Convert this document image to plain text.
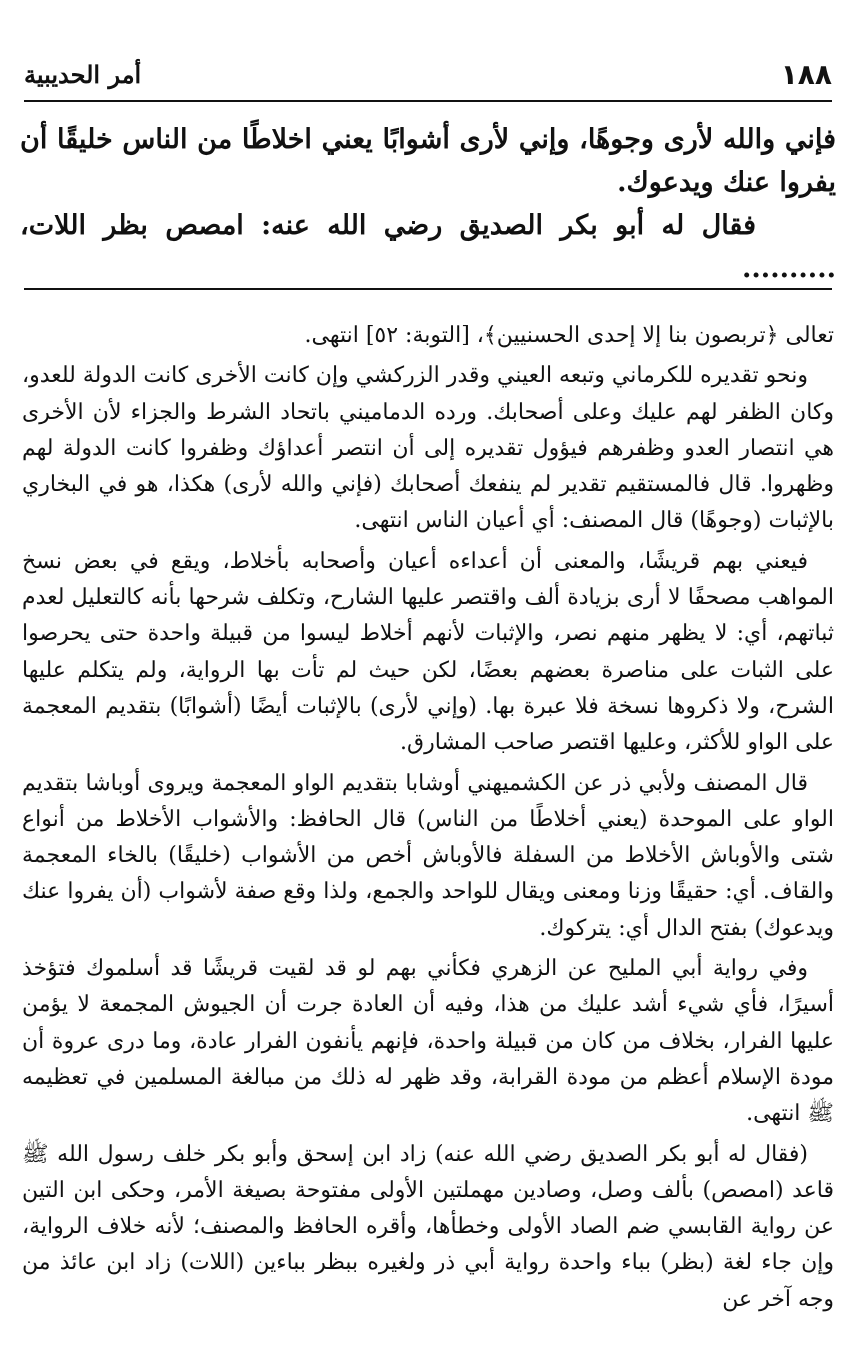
١٨٨
أمر الحديبية

فإني والله لأرى وجوهًا، وإني لأرى أشوابًا يعني اخلاطًا من الناس خليقًا أن يفروا عنك ويدعوك.

فقال له أبو بكر الصديق رضي الله عنه: امصص بظر اللات، ..........

تعالى ﴿تربصون بنا إلا إحدى الحسنيين﴾، [التوبة: ٥٢] انتهى.

ونحو تقديره للكرماني وتبعه العيني وقدر الزركشي وإن كانت الأخرى كانت الدولة للعدو، وكان الظفر لهم عليك وعلى أصحابك. ورده الدماميني باتحاد الشرط والجزاء لأن الأخرى هي انتصار العدو وظفرهم فيؤول تقديره إلى أن انتصر أعداؤك وظفروا كانت الدولة لهم وظهروا. قال فالمستقيم تقدير لم ينفعك أصحابك (فإني والله لأرى) هكذا، هو في البخاري بالإثبات (وجوهًا) قال المصنف: أي أعيان الناس انتهى.

فيعني بهم قريشًا، والمعنى أن أعداءه أعيان وأصحابه بأخلاط، ويقع في بعض نسخ المواهب مصحفًا لا أرى بزيادة ألف واقتصر عليها الشارح، وتكلف شرحها بأنه كالتعليل لعدم ثباتهم، أي: لا يظهر منهم نصر، والإثبات لأنهم أخلاط ليسوا من قبيلة واحدة حتى يحرصوا على الثبات على مناصرة بعضهم بعضًا، لكن حيث لم تأت بها الرواية، ولم يتكلم عليها الشرح، ولا ذكروها نسخة فلا عبرة بها. (وإني لأرى) بالإثبات أيضًا (أشوابًا) بتقديم المعجمة على الواو للأكثر، وعليها اقتصر صاحب المشارق.

قال المصنف ولأبي ذر عن الكشميهني أوشابا بتقديم الواو المعجمة ويروى أوباشا بتقديم الواو على الموحدة (يعني أخلاطًا من الناس) قال الحافظ: والأشواب الأخلاط من أنواع شتى والأوباش الأخلاط من السفلة فالأوباش أخص من الأشواب (خليقًا) بالخاء المعجمة والقاف. أي: حقيقًا وزنا ومعنى ويقال للواحد والجمع، ولذا وقع صفة لأشواب (أن يفروا عنك ويدعوك) بفتح الدال أي: يتركوك.

وفي رواية أبي المليح عن الزهري فكأني بهم لو قد لقيت قريشًا قد أسلموك فتؤخذ أسيرًا، فأي شيء أشد عليك من هذا، وفيه أن العادة جرت أن الجيوش المجمعة لا يؤمن عليها الفرار، بخلاف من كان من قبيلة واحدة، فإنهم يأنفون الفرار عادة، وما درى عروة أن مودة الإسلام أعظم من مودة القرابة، وقد ظهر له ذلك من مبالغة المسلمين في تعظيمه ﷺ انتهى.

(فقال له أبو بكر الصديق رضي الله عنه) زاد ابن إسحق وأبو بكر خلف رسول الله ﷺ قاعد (امصص) بألف وصل، وصادين مهملتين الأولى مفتوحة بصيغة الأمر، وحكى ابن التين عن رواية القابسي ضم الصاد الأولى وخطأها، وأقره الحافظ والمصنف؛ لأنه خلاف الرواية، وإن جاء لغة (بظر) بباء واحدة رواية أبي ذر ولغيره ببظر بباءين (اللات) زاد ابن عائذ من وجه آخر عن
